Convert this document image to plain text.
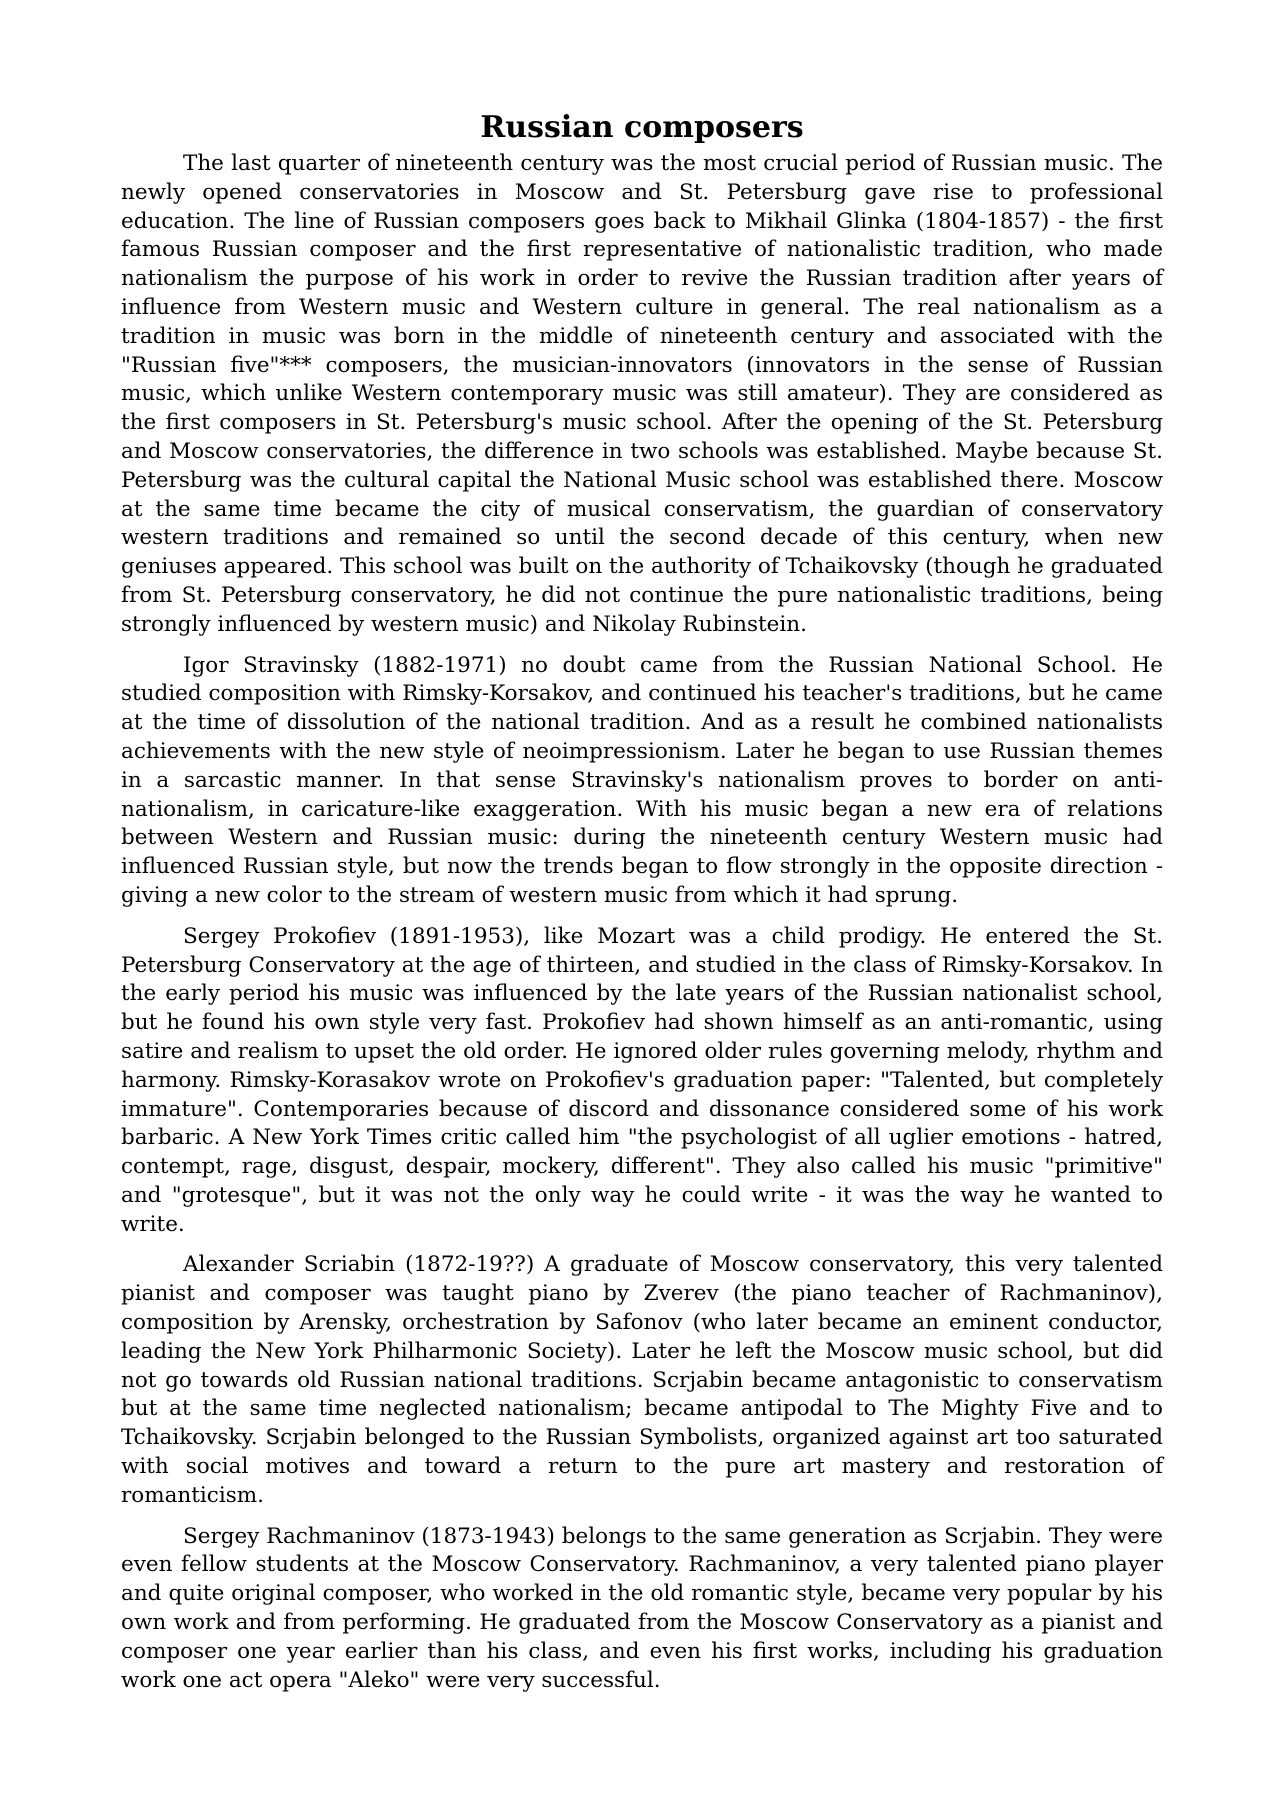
Russian composers

The last quarter of nineteenth century was the most crucial period of Russian music. The newly opened conservatories in Moscow and St. Petersburg gave rise to professional education. The line of Russian composers goes back to Mikhail Glinka (1804-1857) - the first famous Russian composer and the first representative of nationalistic tradition, who made nationalism the purpose of his work in order to revive the Russian tradition after years of influence from Western music and Western culture in general. The real nationalism as a tradition in music was born in the middle of nineteenth century and associated with the "Russian five"*** composers, the musician-innovators (innovators in the sense of Russian music, which unlike Western contemporary music was still amateur). They are considered as the first composers in St. Petersburg's music school. After the opening of the St. Petersburg and Moscow conservatories, the difference in two schools was established. Maybe because St. Petersburg was the cultural capital the National Music school was established there. Moscow at the same time became the city of musical conservatism, the guardian of conservatory western traditions and remained so until the second decade of this century, when new geniuses appeared. This school was built on the authority of Tchaikovsky (though he graduated from St. Petersburg conservatory, he did not continue the pure nationalistic traditions, being strongly influenced by western music) and Nikolay Rubinstein.

Igor Stravinsky (1882-1971) no doubt came from the Russian National School. He studied composition with Rimsky-Korsakov, and continued his teacher's traditions, but he came at the time of dissolution of the national tradition. And as a result he combined nationalists achievements with the new style of neoimpressionism. Later he began to use Russian themes in a sarcastic manner. In that sense Stravinsky's nationalism proves to border on anti-nationalism, in caricature-like exaggeration. With his music began a new era of relations between Western and Russian music: during the nineteenth century Western music had influenced Russian style, but now the trends began to flow strongly in the opposite direction - giving a new color to the stream of western music from which it had sprung.

Sergey Prokofiev (1891-1953), like Mozart was a child prodigy. He entered the St. Petersburg Conservatory at the age of thirteen, and studied in the class of Rimsky-Korsakov. In the early period his music was influenced by the late years of the Russian nationalist school, but he found his own style very fast. Prokofiev had shown himself as an anti-romantic, using satire and realism to upset the old order. He ignored older rules governing melody, rhythm and harmony. Rimsky-Korasakov wrote on Prokofiev's graduation paper: "Talented, but completely immature". Contemporaries because of discord and dissonance considered some of his work barbaric. A New York Times critic called him "the psychologist of all uglier emotions - hatred, contempt, rage, disgust, despair, mockery, different". They also called his music "primitive" and "grotesque", but it was not the only way he could write - it was the way he wanted to write.

Alexander Scriabin (1872-19??) A graduate of Moscow conservatory, this very talented pianist and composer was taught piano by Zverev (the piano teacher of Rachmaninov), composition by Arensky, orchestration by Safonov (who later became an eminent conductor, leading the New York Philharmonic Society). Later he left the Moscow music school, but did not go towards old Russian national traditions. Scrjabin became antagonistic to conservatism but at the same time neglected nationalism; became antipodal to The Mighty Five and to Tchaikovsky. Scrjabin belonged to the Russian Symbolists, organized against art too saturated with social motives and toward a return to the pure art mastery and restoration of romanticism.

Sergey Rachmaninov (1873-1943) belongs to the same generation as Scrjabin. They were even fellow students at the Moscow Conservatory. Rachmaninov, a very talented piano player and quite original composer, who worked in the old romantic style, became very popular by his own work and from performing. He graduated from the Moscow Conservatory as a pianist and composer one year earlier than his class, and even his first works, including his graduation work one act opera "Aleko" were very successful.
